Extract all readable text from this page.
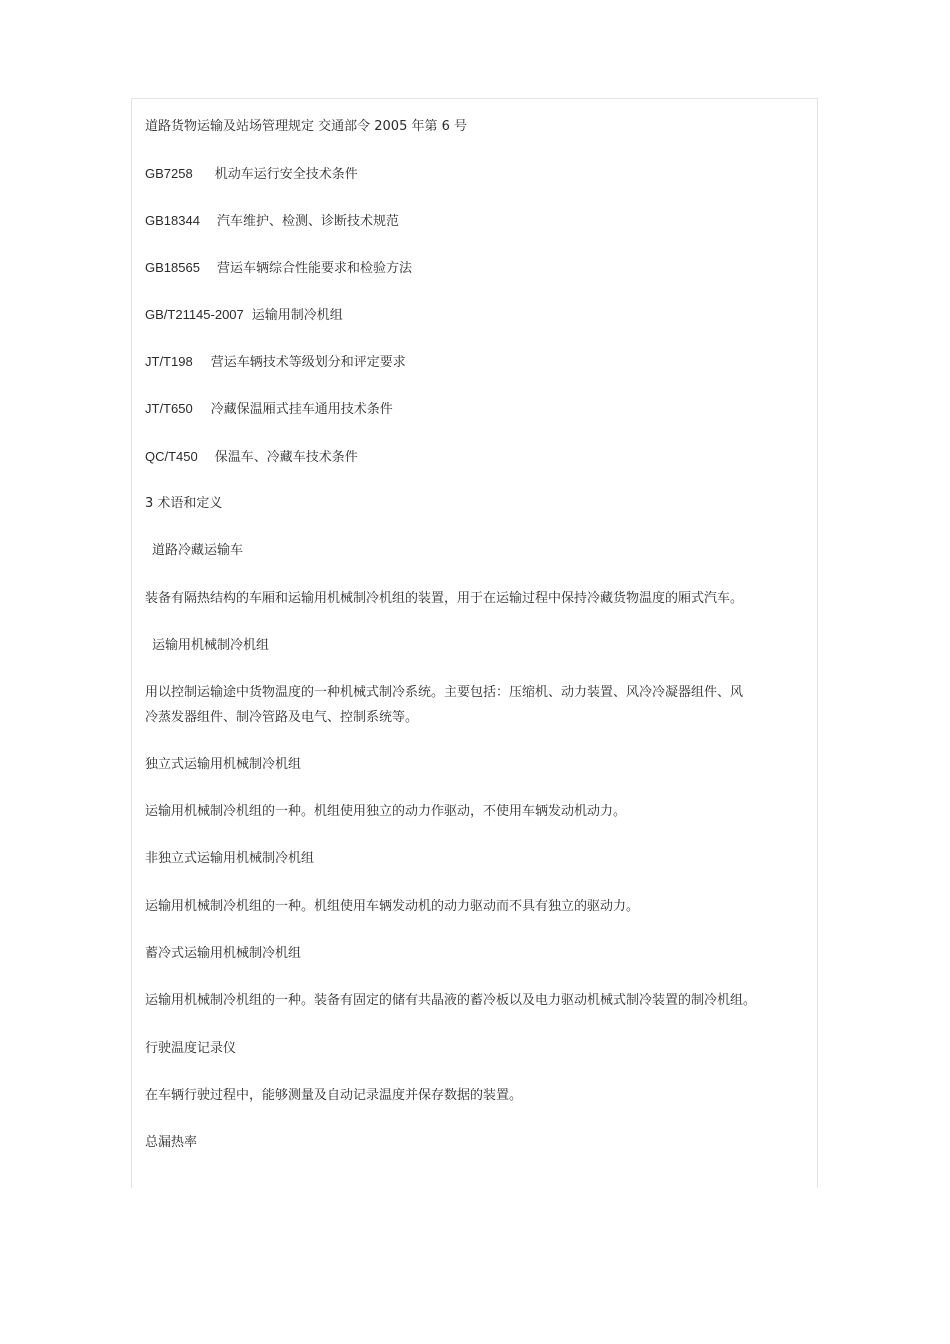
道路货物运输及站场管理规定 交通部令 2005 年第 6 号
GB7258 机动车运行安全技术条件
GB18344 汽车维护、检测、诊断技术规范
GB18565 营运车辆综合性能要求和检验方法
GB/T21145-2007 运输用制冷机组
JT/T198 营运车辆技术等级划分和评定要求
JT/T650 冷藏保温厢式挂车通用技术条件
QC/T450 保温车、冷藏车技术条件
3 术语和定义
道路冷藏运输车
装备有隔热结构的车厢和运输用机械制冷机组的装置，用于在运输过程中保持冷藏货物温度的厢式汽车。
运输用机械制冷机组
用以控制运输途中货物温度的一种机械式制冷系统。主要包括：压缩机、动力装置、风冷冷凝器组件、风
冷蒸发器组件、制冷管路及电气、控制系统等。
独立式运输用机械制冷机组
运输用机械制冷机组的一种。机组使用独立的动力作驱动，不使用车辆发动机动力。
非独立式运输用机械制冷机组
运输用机械制冷机组的一种。机组使用车辆发动机的动力驱动而不具有独立的驱动力。
蓄冷式运输用机械制冷机组
运输用机械制冷机组的一种。装备有固定的储有共晶液的蓄冷板以及电力驱动机械式制冷装置的制冷机组。
行驶温度记录仪
在车辆行驶过程中，能够测量及自动记录温度并保存数据的装置。
总漏热率
